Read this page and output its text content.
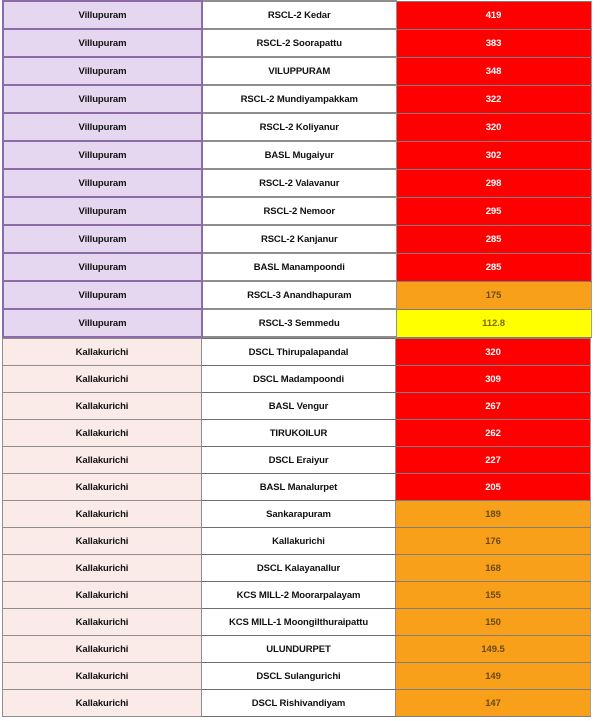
Villupuram	RSCL-2 Kedar	419
Villupuram	RSCL-2 Soorapattu	383
Villupuram	VILUPPURAM	348
Villupuram	RSCL-2 Mundiyampakkam	322
Villupuram	RSCL-2 Koliyanur	320
Villupuram	BASL Mugaiyur	302
Villupuram	RSCL-2 Valavanur	298
Villupuram	RSCL-2 Nemoor	295
Villupuram	RSCL-2 Kanjanur	285
Villupuram	BASL Manampoondi	285
Villupuram	RSCL-3 Anandhapuram	175
Villupuram	RSCL-3 Semmedu	112.8
Kallakurichi	DSCL Thirupalapandal	320
Kallakurichi	DSCL Madampoondi	309
Kallakurichi	BASL Vengur	267
Kallakurichi	TIRUKOILUR	262
Kallakurichi	DSCL Eraiyur	227
Kallakurichi	BASL Manalurpet	205
Kallakurichi	Sankarapuram	189
Kallakurichi	Kallakurichi	176
Kallakurichi	DSCL Kalayanallur	168
Kallakurichi	KCS MILL-2 Moorarpalayam	155
Kallakurichi	KCS MILL-1 Moongilthuraipattu	150
Kallakurichi	ULUNDURPET	149.5
Kallakurichi	DSCL Sulangurichi	149
Kallakurichi	DSCL Rishivandiyam	147
